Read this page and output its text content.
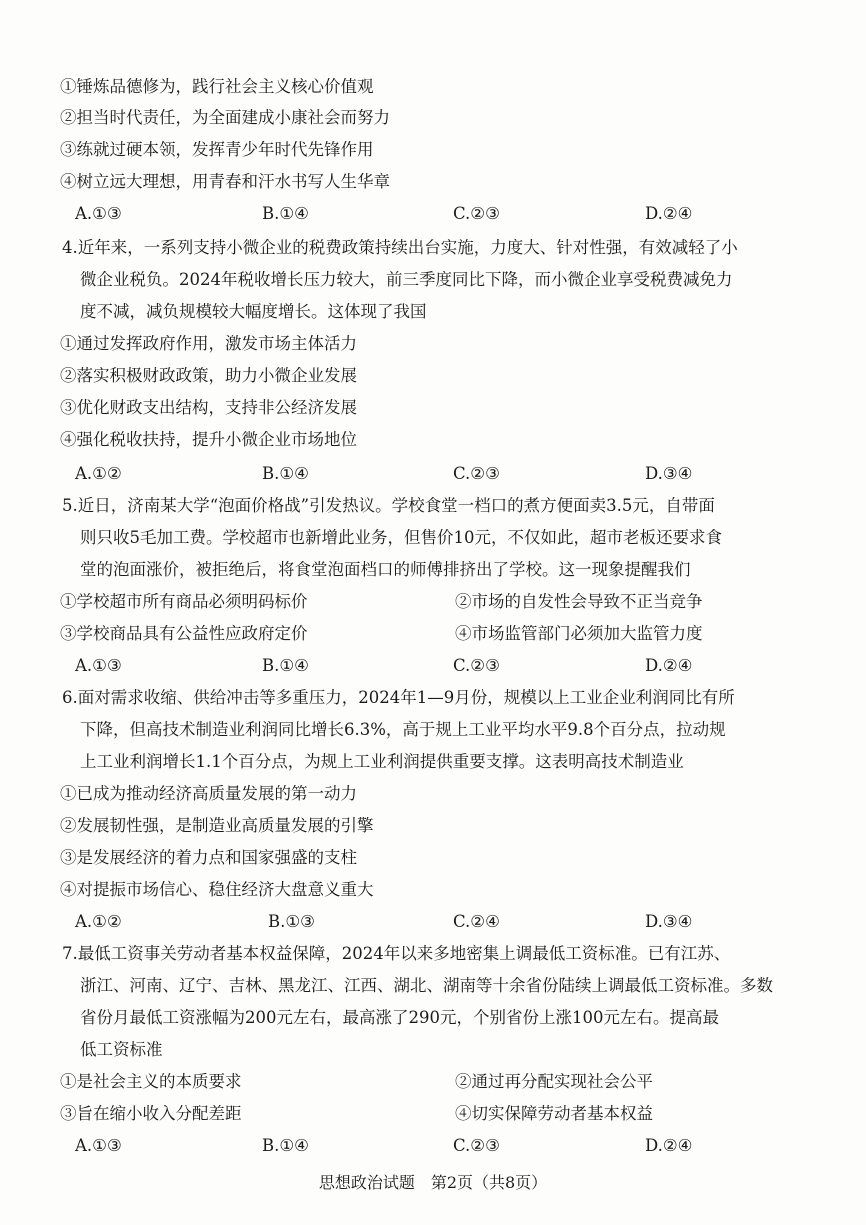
①锤炼品德修为，践行社会主义核心价值观
②担当时代责任，为全面建成小康社会而努力
③练就过硬本领，发挥青少年时代先锋作用
④树立远大理想，用青春和汗水书写人生华章
A.①③	B.①④	C.②③	D.②④
4.近年来，一系列支持小微企业的税费政策持续出台实施，力度大、针对性强，有效减轻了小
微企业税负。2024年税收增长压力较大，前三季度同比下降，而小微企业享受税费减免力
度不减，减负规模较大幅度增长。这体现了我国
①通过发挥政府作用，激发市场主体活力
②落实积极财政政策，助力小微企业发展
③优化财政支出结构，支持非公经济发展
④强化税收扶持，提升小微企业市场地位
A.①②	B.①④	C.②③	D.③④
5.近日，济南某大学“泡面价格战”引发热议。学校食堂一档口的煮方便面卖3.5元，自带面
则只收5毛加工费。学校超市也新增此业务，但售价10元，不仅如此，超市老板还要求食
堂的泡面涨价，被拒绝后，将食堂泡面档口的师傅排挤出了学校。这一现象提醒我们
①学校超市所有商品必须明码标价	②市场的自发性会导致不正当竞争
③学校商品具有公益性应政府定价	④市场监管部门必须加大监管力度
A.①③	B.①④	C.②③	D.②④
6.面对需求收缩、供给冲击等多重压力，2024年1—9月份，规模以上工业企业利润同比有所
下降，但高技术制造业利润同比增长6.3%，高于规上工业平均水平9.8个百分点，拉动规
上工业利润增长1.1个百分点，为规上工业利润提供重要支撑。这表明高技术制造业
①已成为推动经济高质量发展的第一动力
②发展韧性强，是制造业高质量发展的引擎
③是发展经济的着力点和国家强盛的支柱
④对提振市场信心、稳住经济大盘意义重大
A.①②	B.①③	C.②④	D.③④
7.最低工资事关劳动者基本权益保障，2024年以来多地密集上调最低工资标准。已有江苏、
浙江、河南、辽宁、吉林、黑龙江、江西、湖北、湖南等十余省份陆续上调最低工资标准。多数
省份月最低工资涨幅为200元左右，最高涨了290元，个别省份上涨100元左右。提高最
低工资标准
①是社会主义的本质要求	②通过再分配实现社会公平
③旨在缩小收入分配差距	④切实保障劳动者基本权益
A.①③	B.①④	C.②③	D.②④
思想政治试题　第2页（共8页）
